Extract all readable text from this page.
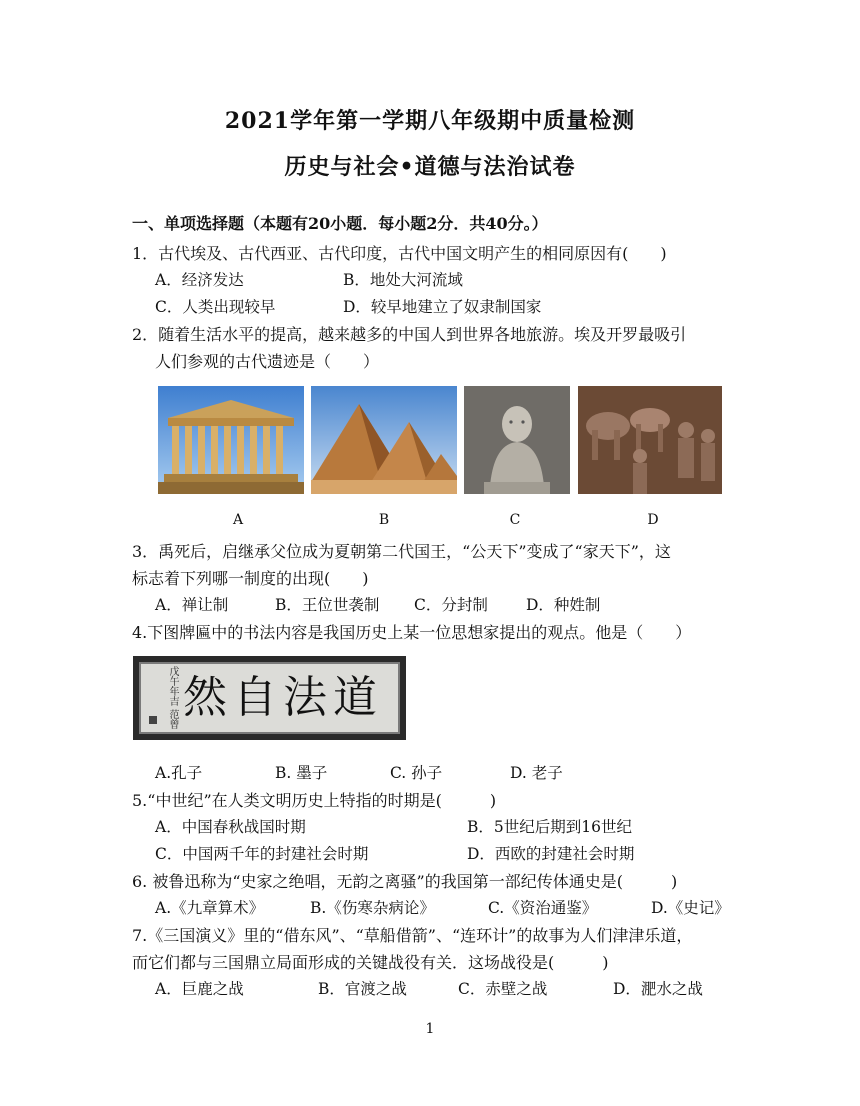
2021学年第一学期八年级期中质量检测
历史与社会•道德与法治试卷
一、单项选择题（本题有20小题．每小题2分．共40分。）
1．古代埃及、古代西亚、古代印度，古代中国文明产生的相同原因有(　　)
A．经济发达	B．地处大河流域
C．人类出现较早	D．较早地建立了奴隶制国家
2．随着生活水平的提高，越来越多的中国人到世界各地旅游。埃及开罗最吸引
人们参观的古代遗迹是（　　）
A	B	C	D
3．禹死后，启继承父位成为夏朝第二代国王，“公天下”变成了“家天下”，这
标志着下列哪一制度的出现(　　)
A．禅让制	B．王位世袭制 C．分封制 D．种姓制
4.下图牌匾中的书法内容是我国历史上某一位思想家提出的观点。他是（　　）
戊午年吉 范曾 道法自然
A.孔子	B. 墨子	C. 孙子	D. 老子
5.“中世纪”在人类文明历史上特指的时期是(　　　)
A．中国春秋战国时期	B．5世纪后期到16世纪
C．中国两千年的封建社会时期	D．西欧的封建社会时期
6. 被鲁迅称为“史家之绝唱，无韵之离骚”的我国第一部纪传体通史是(　　　)
A.《九章算术》	B.《伤寒杂病论》	C.《资治通鉴》	D.《史记》
7.《三国演义》里的“借东风”、“草船借箭”、“连环计”的故事为人们津津乐道，
而它们都与三国鼎立局面形成的关键战役有关．这场战役是(　　　)
A．巨鹿之战	B．官渡之战	C．赤壁之战	D．淝水之战
1
